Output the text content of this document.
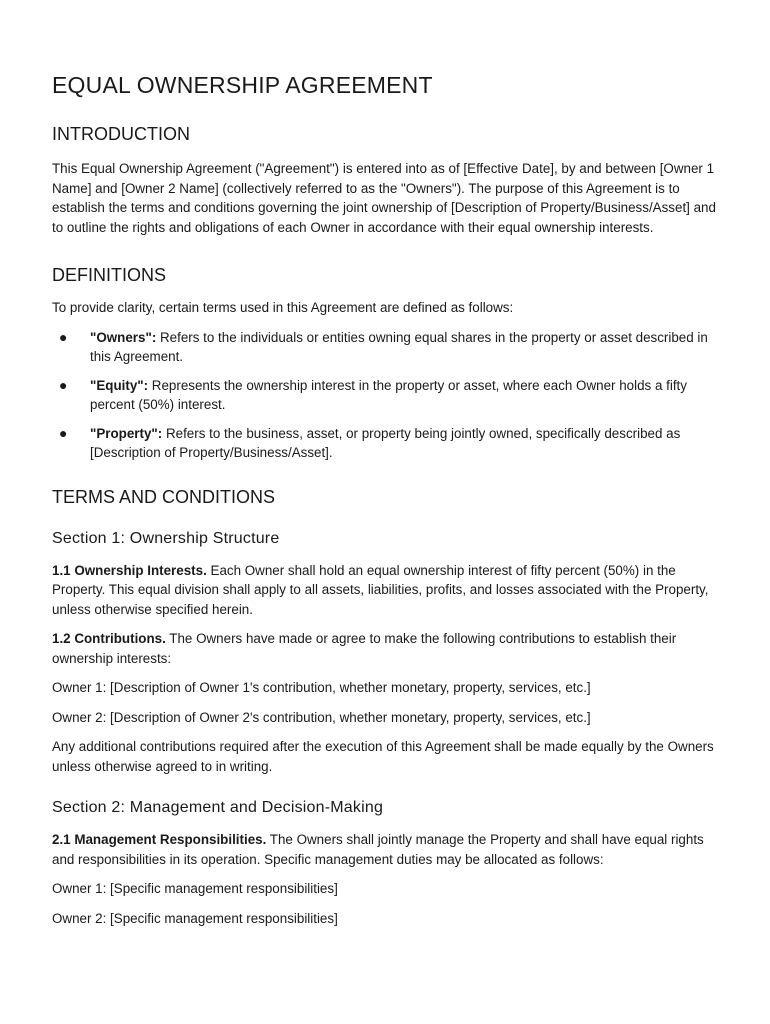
EQUAL OWNERSHIP AGREEMENT
INTRODUCTION

This Equal Ownership Agreement ("Agreement") is entered into as of [Effective Date], by and between [Owner 1 Name] and [Owner 2 Name] (collectively referred to as the "Owners"). The purpose of this Agreement is to establish the terms and conditions governing the joint ownership of [Description of Property/Business/Asset] and to outline the rights and obligations of each Owner in accordance with their equal ownership interests.

DEFINITIONS

To provide clarity, certain terms used in this Agreement are defined as follows:

● "Owners": Refers to the individuals or entities owning equal shares in the property or asset described in this Agreement.
● "Equity": Represents the ownership interest in the property or asset, where each Owner holds a fifty percent (50%) interest.
● "Property": Refers to the business, asset, or property being jointly owned, specifically described as [Description of Property/Business/Asset].
TERMS AND CONDITIONS
Section 1: Ownership Structure

1.1 Ownership Interests. Each Owner shall hold an equal ownership interest of fifty percent (50%) in the Property. This equal division shall apply to all assets, liabilities, profits, and losses associated with the Property, unless otherwise specified herein.

1.2 Contributions. The Owners have made or agree to make the following contributions to establish their ownership interests:

Owner 1: [Description of Owner 1's contribution, whether monetary, property, services, etc.]

Owner 2: [Description of Owner 2's contribution, whether monetary, property, services, etc.]

Any additional contributions required after the execution of this Agreement shall be made equally by the Owners unless otherwise agreed to in writing.

Section 2: Management and Decision-Making

2.1 Management Responsibilities. The Owners shall jointly manage the Property and shall have equal rights and responsibilities in its operation. Specific management duties may be allocated as follows:

Owner 1: [Specific management responsibilities]

Owner 2: [Specific management responsibilities]
